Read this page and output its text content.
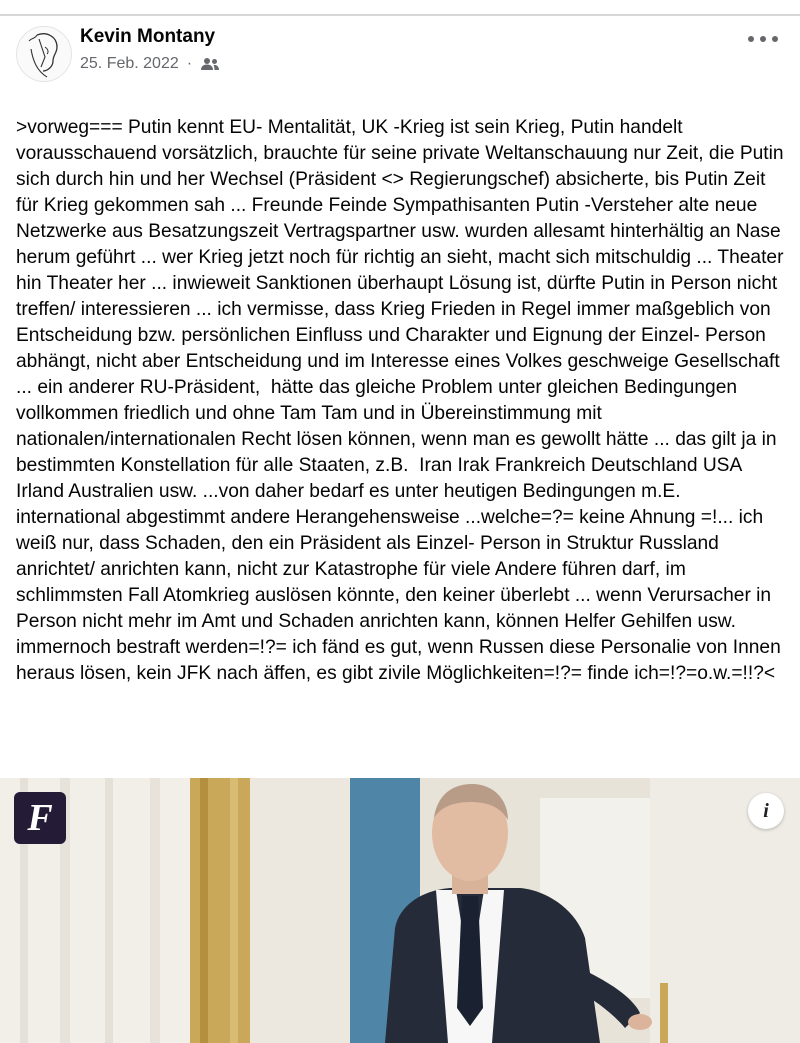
Kevin Montany
25. Feb. 2022 ·

>vorweg=== Putin kennt EU- Mentalität, UK -Krieg ist sein Krieg, Putin handelt vorausschauend vorsätzlich, brauchte für seine private Weltanschauung nur Zeit, die Putin sich durch hin und her Wechsel (Präsident <> Regierungschef) absicherte, bis Putin Zeit für Krieg gekommen sah ... Freunde Feinde Sympathisanten Putin -Versteher alte neue Netzwerke aus Besatzungszeit Vertragspartner usw. wurden allesamt hinterhältig an Nase herum geführt ... wer Krieg jetzt noch für richtig an sieht, macht sich mitschuldig ... Theater hin Theater her ... inwieweit Sanktionen überhaupt Lösung ist, dürfte Putin in Person nicht treffen/ interessieren ... ich vermisse, dass Krieg Frieden in Regel immer maßgeblich von Entscheidung bzw. persönlichen Einfluss und Charakter und Eignung der Einzel- Person abhängt, nicht aber Entscheidung und im Interesse eines Volkes geschweige Gesellschaft ... ein anderer RU-Präsident,  hätte das gleiche Problem unter gleichen Bedingungen vollkommen friedlich und ohne Tam Tam und in Übereinstimmung mit nationalen/internationalen Recht lösen können, wenn man es gewollt hätte ... das gilt ja in bestimmten Konstellation für alle Staaten, z.B.  Iran Irak Frankreich Deutschland USA Irland Australien usw. ...von daher bedarf es unter heutigen Bedingungen m.E. international abgestimmt andere Herangehensweise ...welche=?= keine Ahnung =!... ich weiß nur, dass Schaden, den ein Präsident als Einzel- Person in Struktur Russland anrichtet/ anrichten kann, nicht zur Katastrophe für viele Andere führen darf, im schlimmsten Fall Atomkrieg auslösen könnte, den keiner überlebt ... wenn Verursacher in Person nicht mehr im Amt und Schaden anrichten kann, können Helfer Gehilfen usw. immernoch bestraft werden=!?= ich fänd es gut, wenn Russen diese Personalie von Innen heraus lösen, kein JFK nach äffen, es gibt zivile Möglichkeiten=!?= finde ich=!?=o.w.=!!?<

F	i
